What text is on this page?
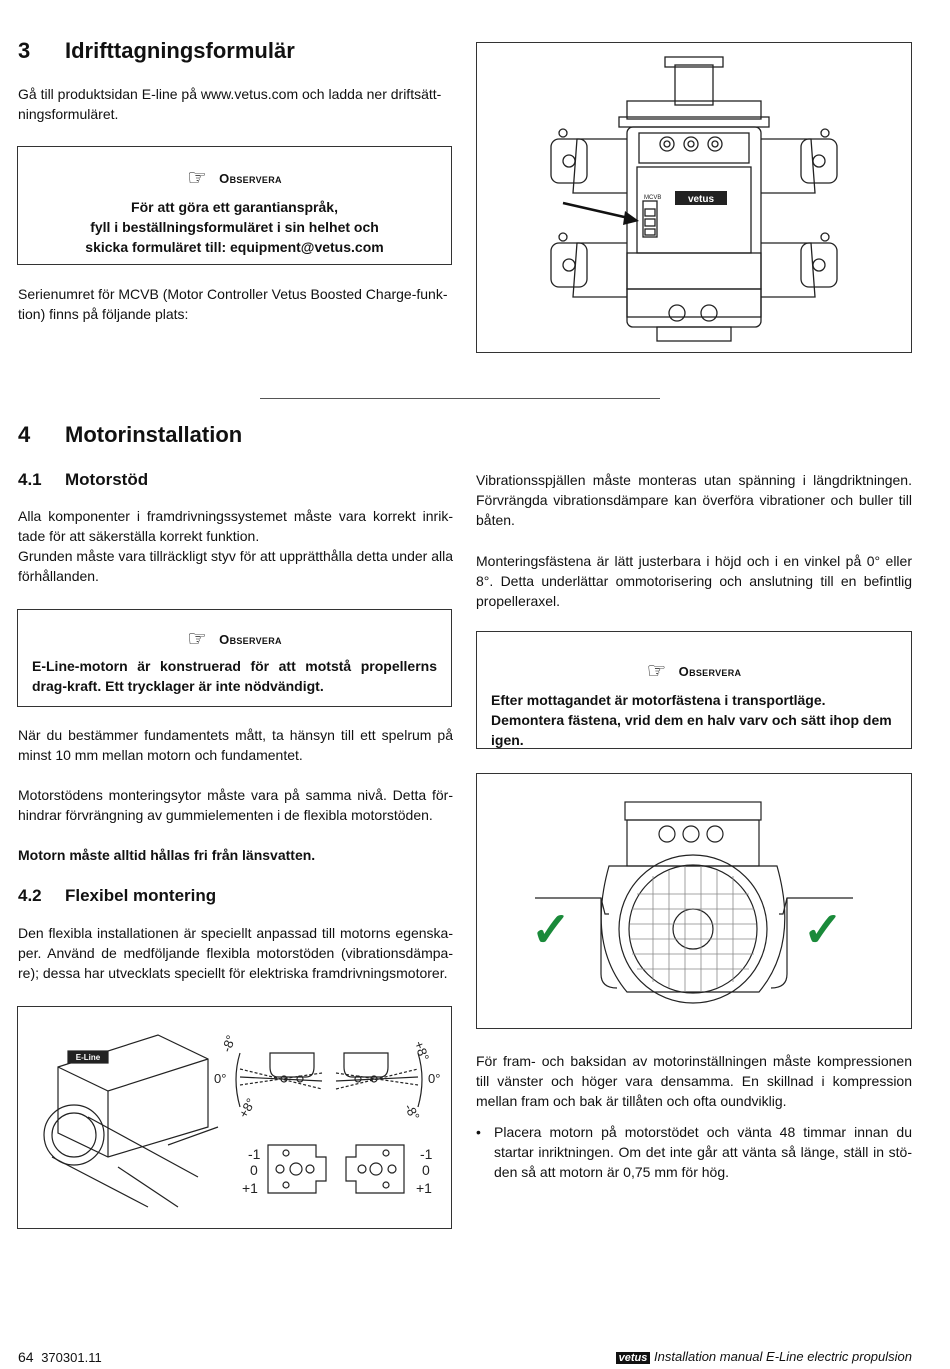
3 Idrifttagningsformulär

Gå till produktsidan E-line på www.vetus.com och ladda ner driftsätt-ningsformuläret.

☞ Observera
För att göra ett garantianspråk,
fyll i beställningsformuläret i sin helhet och
skicka formuläret till: equipment@vetus.com

Serienumret för MCVB (Motor Controller Vetus Boosted Charge-funk-tion) finns på följande plats:

vetus
MCVB
4 Motorinstallation
4.1 Motorstöd

Alla komponenter i framdrivningssystemet måste vara korrekt inrik-tade för att säkerställa korrekt funktion.

Grunden måste vara tillräckligt styv för att upprätthålla detta under alla förhållanden.

☞ Observera
E-Line-motorn är konstruerad för att motstå propellerns drag-kraft. Ett trycklager är inte nödvändigt.

När du bestämmer fundamentets mått, ta hänsyn till ett spelrum på minst 10 mm mellan motorn och fundamentet.

Motorstödens monteringsytor måste vara på samma nivå. Detta för-hindrar förvrängning av gummielementen i de flexibla motorstöden.

Motorn måste alltid hållas fri från länsvatten.

4.2 Flexibel montering

Den flexibla installationen är speciellt anpassad till motorns egenska-per. Använd de medföljande flexibla motorstöden (vibrationsdämpa-re); dessa har utvecklats speciellt för elektriska framdrivningsmotorer.

E-Line
-8°
0°
+8°
+8°
0°
-8°
-1
0
+1
-1
0
+1

Vibrationsspjällen måste monteras utan spänning i längdriktningen. Förvrängda vibrationsdämpare kan överföra vibrationer och buller till båten.

Monteringsfästena är lätt justerbara i höjd och i en vinkel på 0° eller 8°. Detta underlättar ommotorisering och anslutning till en befintlig propelleraxel.

☞ Observera
Efter mottagandet är motorfästena i transportläge. Demontera fästena, vrid dem en halv varv och sätt ihop dem igen.
✓	✓

För fram- och baksidan av motorinställningen måste kompressionen till vänster och höger vara densamma. En skillnad i kompression mellan fram och bak är tillåten och ofta oundviklig.

• Placera motorn på motorstödet och vänta 48 timmar innan du startar inriktningen. Om det inte går att vänta så länge, ställ in stö-den så att motorn är 0,75 mm för hög.
64 370301.11	vetus Installation manual E-Line electric propulsion
